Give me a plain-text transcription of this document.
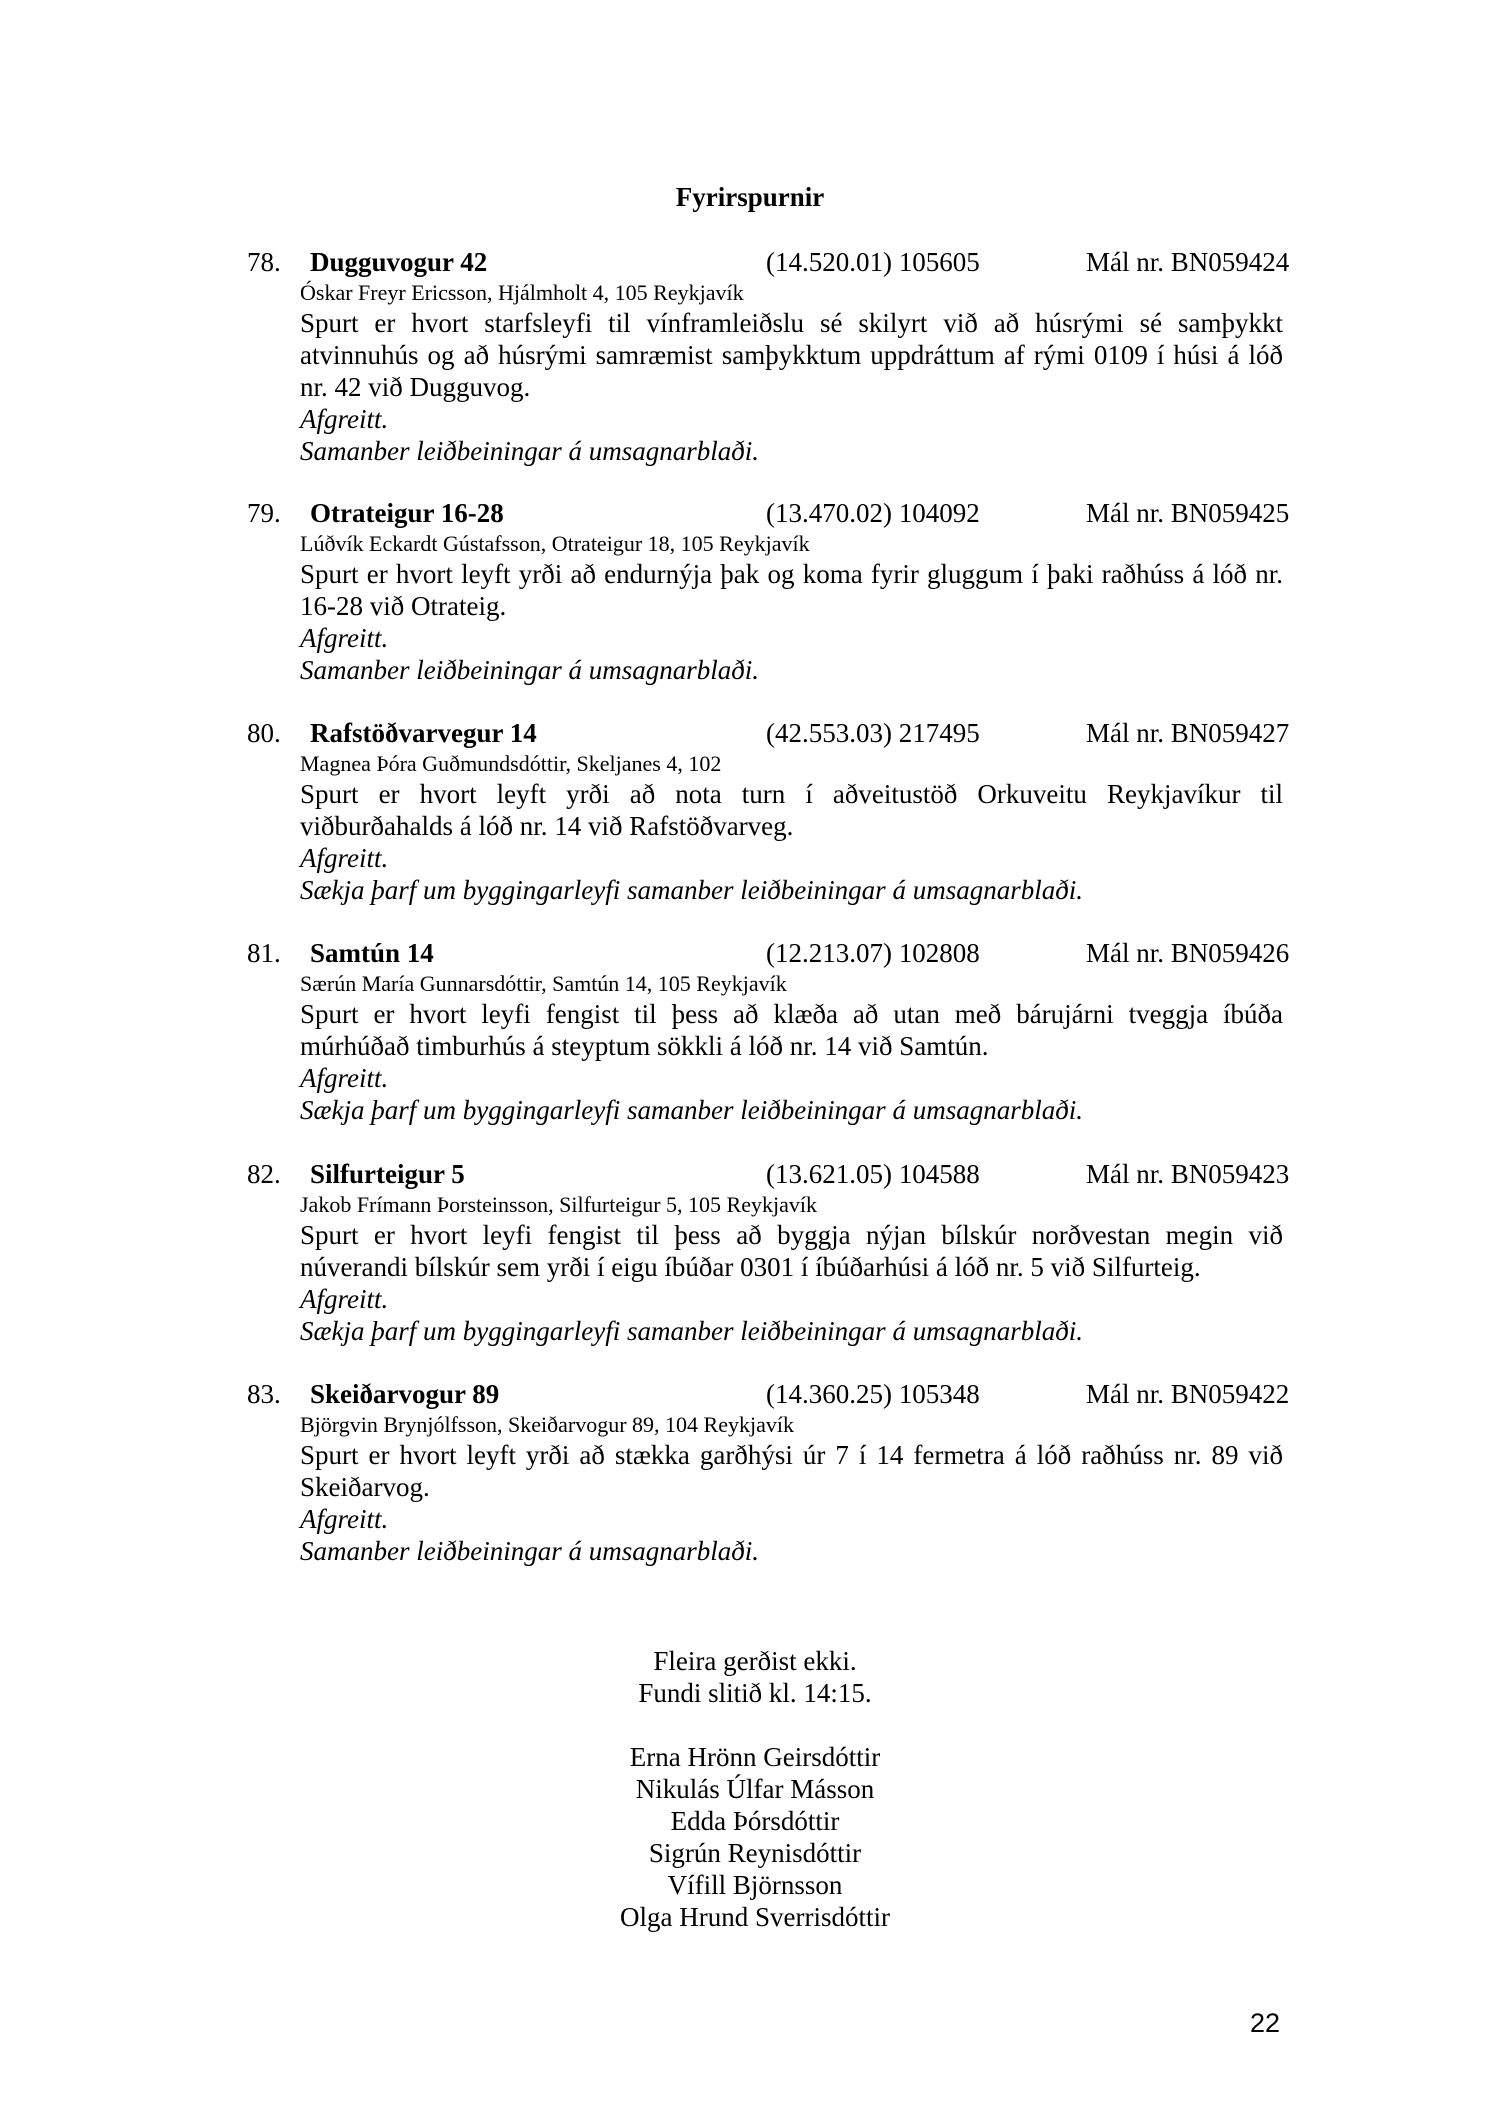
Fyrirspurnir
78. Dugguvogur 42	(14.520.01) 105605	Mál nr. BN059424
Óskar Freyr Ericsson, Hjálmholt 4, 105 Reykjavík
Spurt er hvort starfsleyfi til vínframleiðslu sé skilyrt við að húsrými sé samþykkt atvinnuhús og að húsrými samræmist samþykktum uppdráttum af rými 0109 í húsi á lóð nr. 42 við Dugguvog.
Afgreitt.
Samanber leiðbeiningar á umsagnarblaði.
79. Otrateigur 16-28	(13.470.02) 104092	Mál nr. BN059425
Lúðvík Eckardt Gústafsson, Otrateigur 18, 105 Reykjavík
Spurt er hvort leyft yrði að endurnýja þak og koma fyrir gluggum í þaki raðhúss á lóð nr. 16-28 við Otrateig.
Afgreitt.
Samanber leiðbeiningar á umsagnarblaði.
80. Rafstöðvarvegur 14	(42.553.03) 217495	Mál nr. BN059427
Magnea Þóra Guðmundsdóttir, Skeljanes 4, 102
Spurt er hvort leyft yrði að nota turn í aðveitustöð Orkuveitu Reykjavíkur til viðburðahalds á lóð nr. 14 við Rafstöðvarveg.
Afgreitt.
Sækja þarf um byggingarleyfi samanber leiðbeiningar á umsagnarblaði.
81. Samtún 14	(12.213.07) 102808	Mál nr. BN059426
Særún María Gunnarsdóttir, Samtún 14, 105 Reykjavík
Spurt er hvort leyfi fengist til þess að klæða að utan með bárujárni tveggja íbúða múrhúðað timburhús á steyptum sökkli á lóð nr. 14 við Samtún.
Afgreitt.
Sækja þarf um byggingarleyfi samanber leiðbeiningar á umsagnarblaði.
82. Silfurteigur 5	(13.621.05) 104588	Mál nr. BN059423
Jakob Frímann Þorsteinsson, Silfurteigur 5, 105 Reykjavík
Spurt er hvort leyfi fengist til þess að byggja nýjan bílskúr norðvestan megin við núverandi bílskúr sem yrði í eigu íbúðar 0301 í íbúðarhúsi á lóð nr. 5 við Silfurteig.
Afgreitt.
Sækja þarf um byggingarleyfi samanber leiðbeiningar á umsagnarblaði.
83. Skeiðarvogur 89	(14.360.25) 105348	Mál nr. BN059422
Björgvin Brynjólfsson, Skeiðarvogur 89, 104 Reykjavík
Spurt er hvort leyft yrði að stækka garðhýsi úr 7 í 14 fermetra á lóð raðhúss nr. 89 við Skeiðarvog.
Afgreitt.
Samanber leiðbeiningar á umsagnarblaði.
Fleira gerðist ekki.
Fundi slitið kl. 14:15.
Erna Hrönn Geirsdóttir
Nikulás Úlfar Másson
Edda Þórsdóttir
Sigrún Reynisdóttir
Vífill Björnsson
Olga Hrund Sverrisdóttir
22
